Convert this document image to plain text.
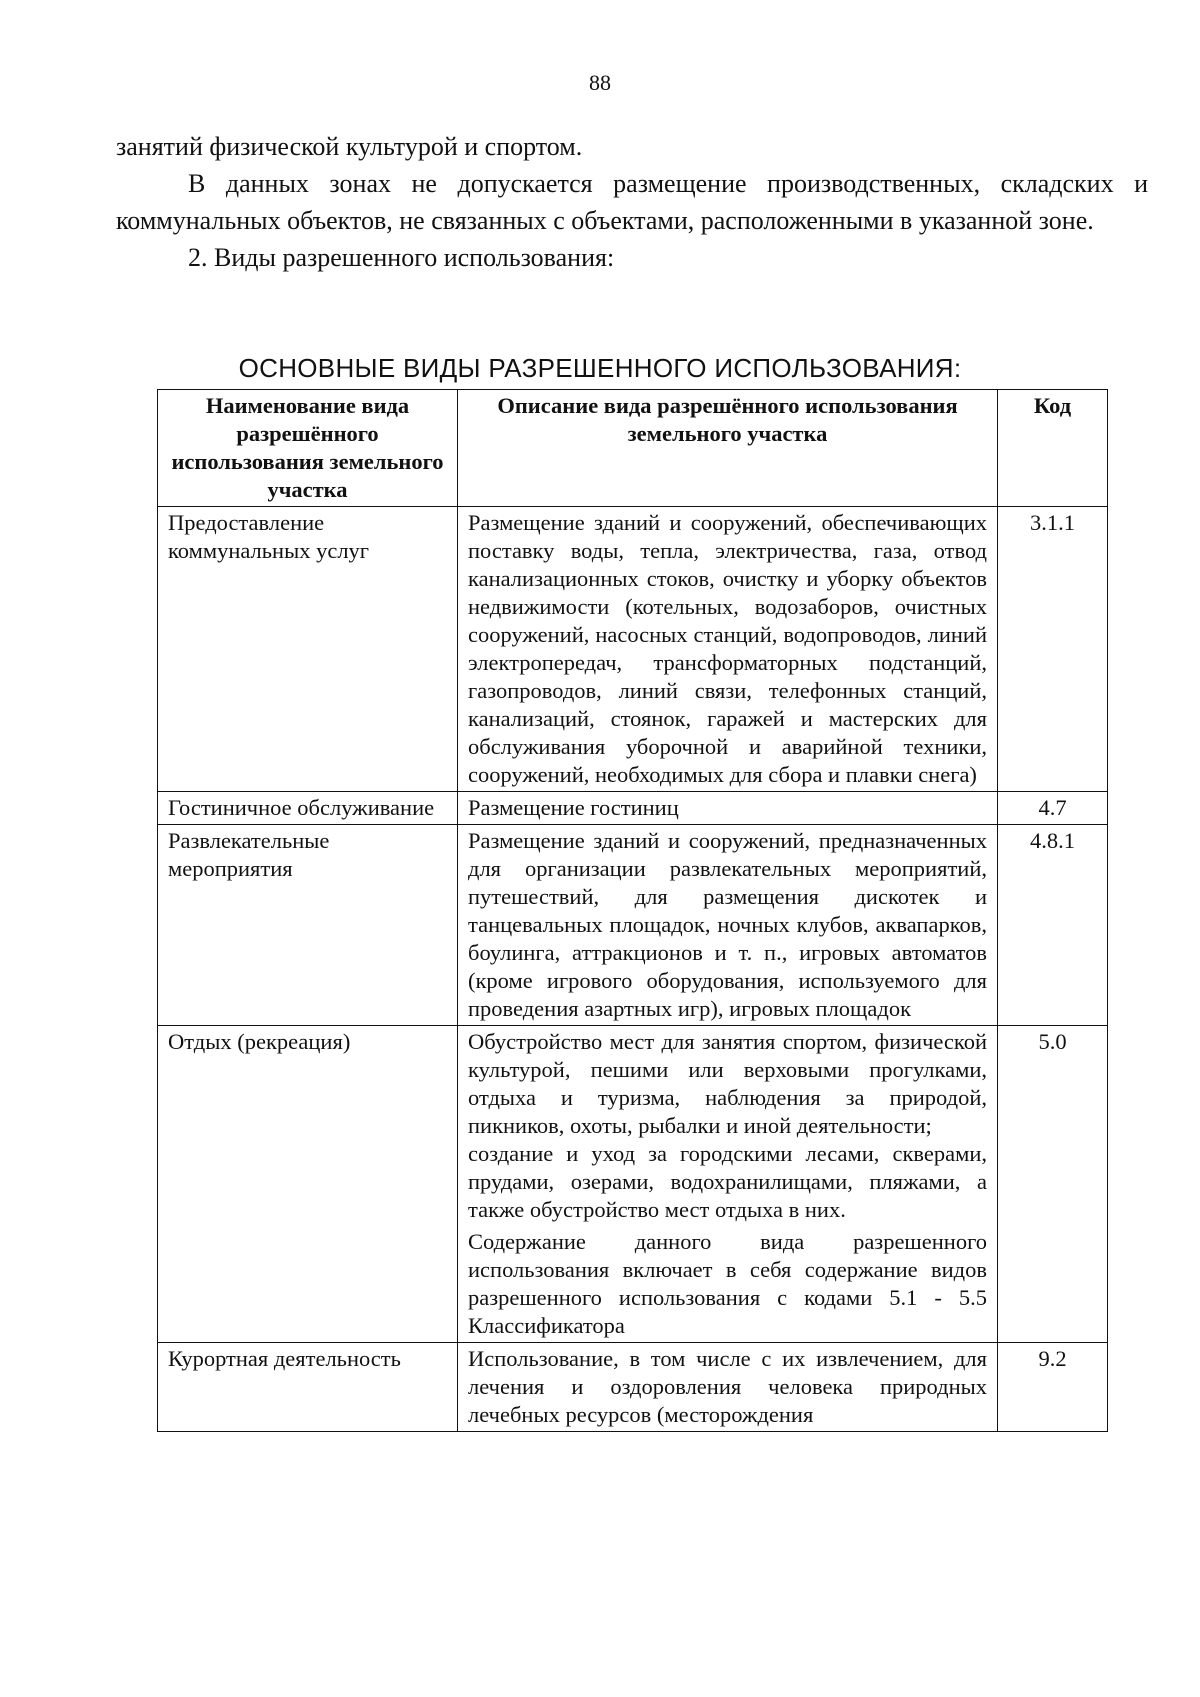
88

занятий физической культурой и спортом.

В данных зонах не допускается размещение производственных, складских и коммунальных объектов, не связанных с объектами, расположенными в указанной зоне.

2. Виды разрешенного использования:

ОСНОВНЫЕ ВИДЫ РАЗРЕШЕННОГО ИСПОЛЬЗОВАНИЯ:
Наименование вида разрешённого использования земельного участка	Описание вида разрешённого использования земельного участка	Код
Предоставление коммунальных услуг	Размещение зданий и сооружений, обеспечивающих поставку воды, тепла, электричества, газа, отвод канализационных стоков, очистку и уборку объектов недвижимости (котельных, водозаборов, очистных сооружений, насосных станций, водопроводов, линий электропередач, трансформаторных подстанций, газопроводов, линий связи, телефонных станций, канализаций, стоянок, гаражей и мастерских для обслуживания уборочной и аварийной техники, сооружений, необходимых для сбора и плавки снега)	3.1.1
Гостиничное обслуживание	Размещение гостиниц	4.7
Развлекательные мероприятия	Размещение зданий и сооружений, предназначенных для организации развлекательных мероприятий, путешествий, для размещения дискотек и танцевальных площадок, ночных клубов, аквапарков, боулинга, аттракционов и т. п., игровых автоматов (кроме игрового оборудования, используемого для проведения азартных игр), игровых площадок	4.8.1
Отдых (рекреация)	Обустройство мест для занятия спортом, физической культурой, пешими или верховыми прогулками, отдыха и туризма, наблюдения за природой, пикников, охоты, рыбалки и иной деятельности;
создание и уход за городскими лесами, скверами, прудами, озерами, водохранилищами, пляжами, а также обустройство мест отдыха в них.
Содержание данного вида разрешенного использования включает в себя содержание видов разрешенного использования с кодами 5.1 - 5.5 Классификатора	5.0
Курортная деятельность	Использование, в том числе с их извлечением, для лечения и оздоровления человека природных лечебных ресурсов (месторождения	9.2
